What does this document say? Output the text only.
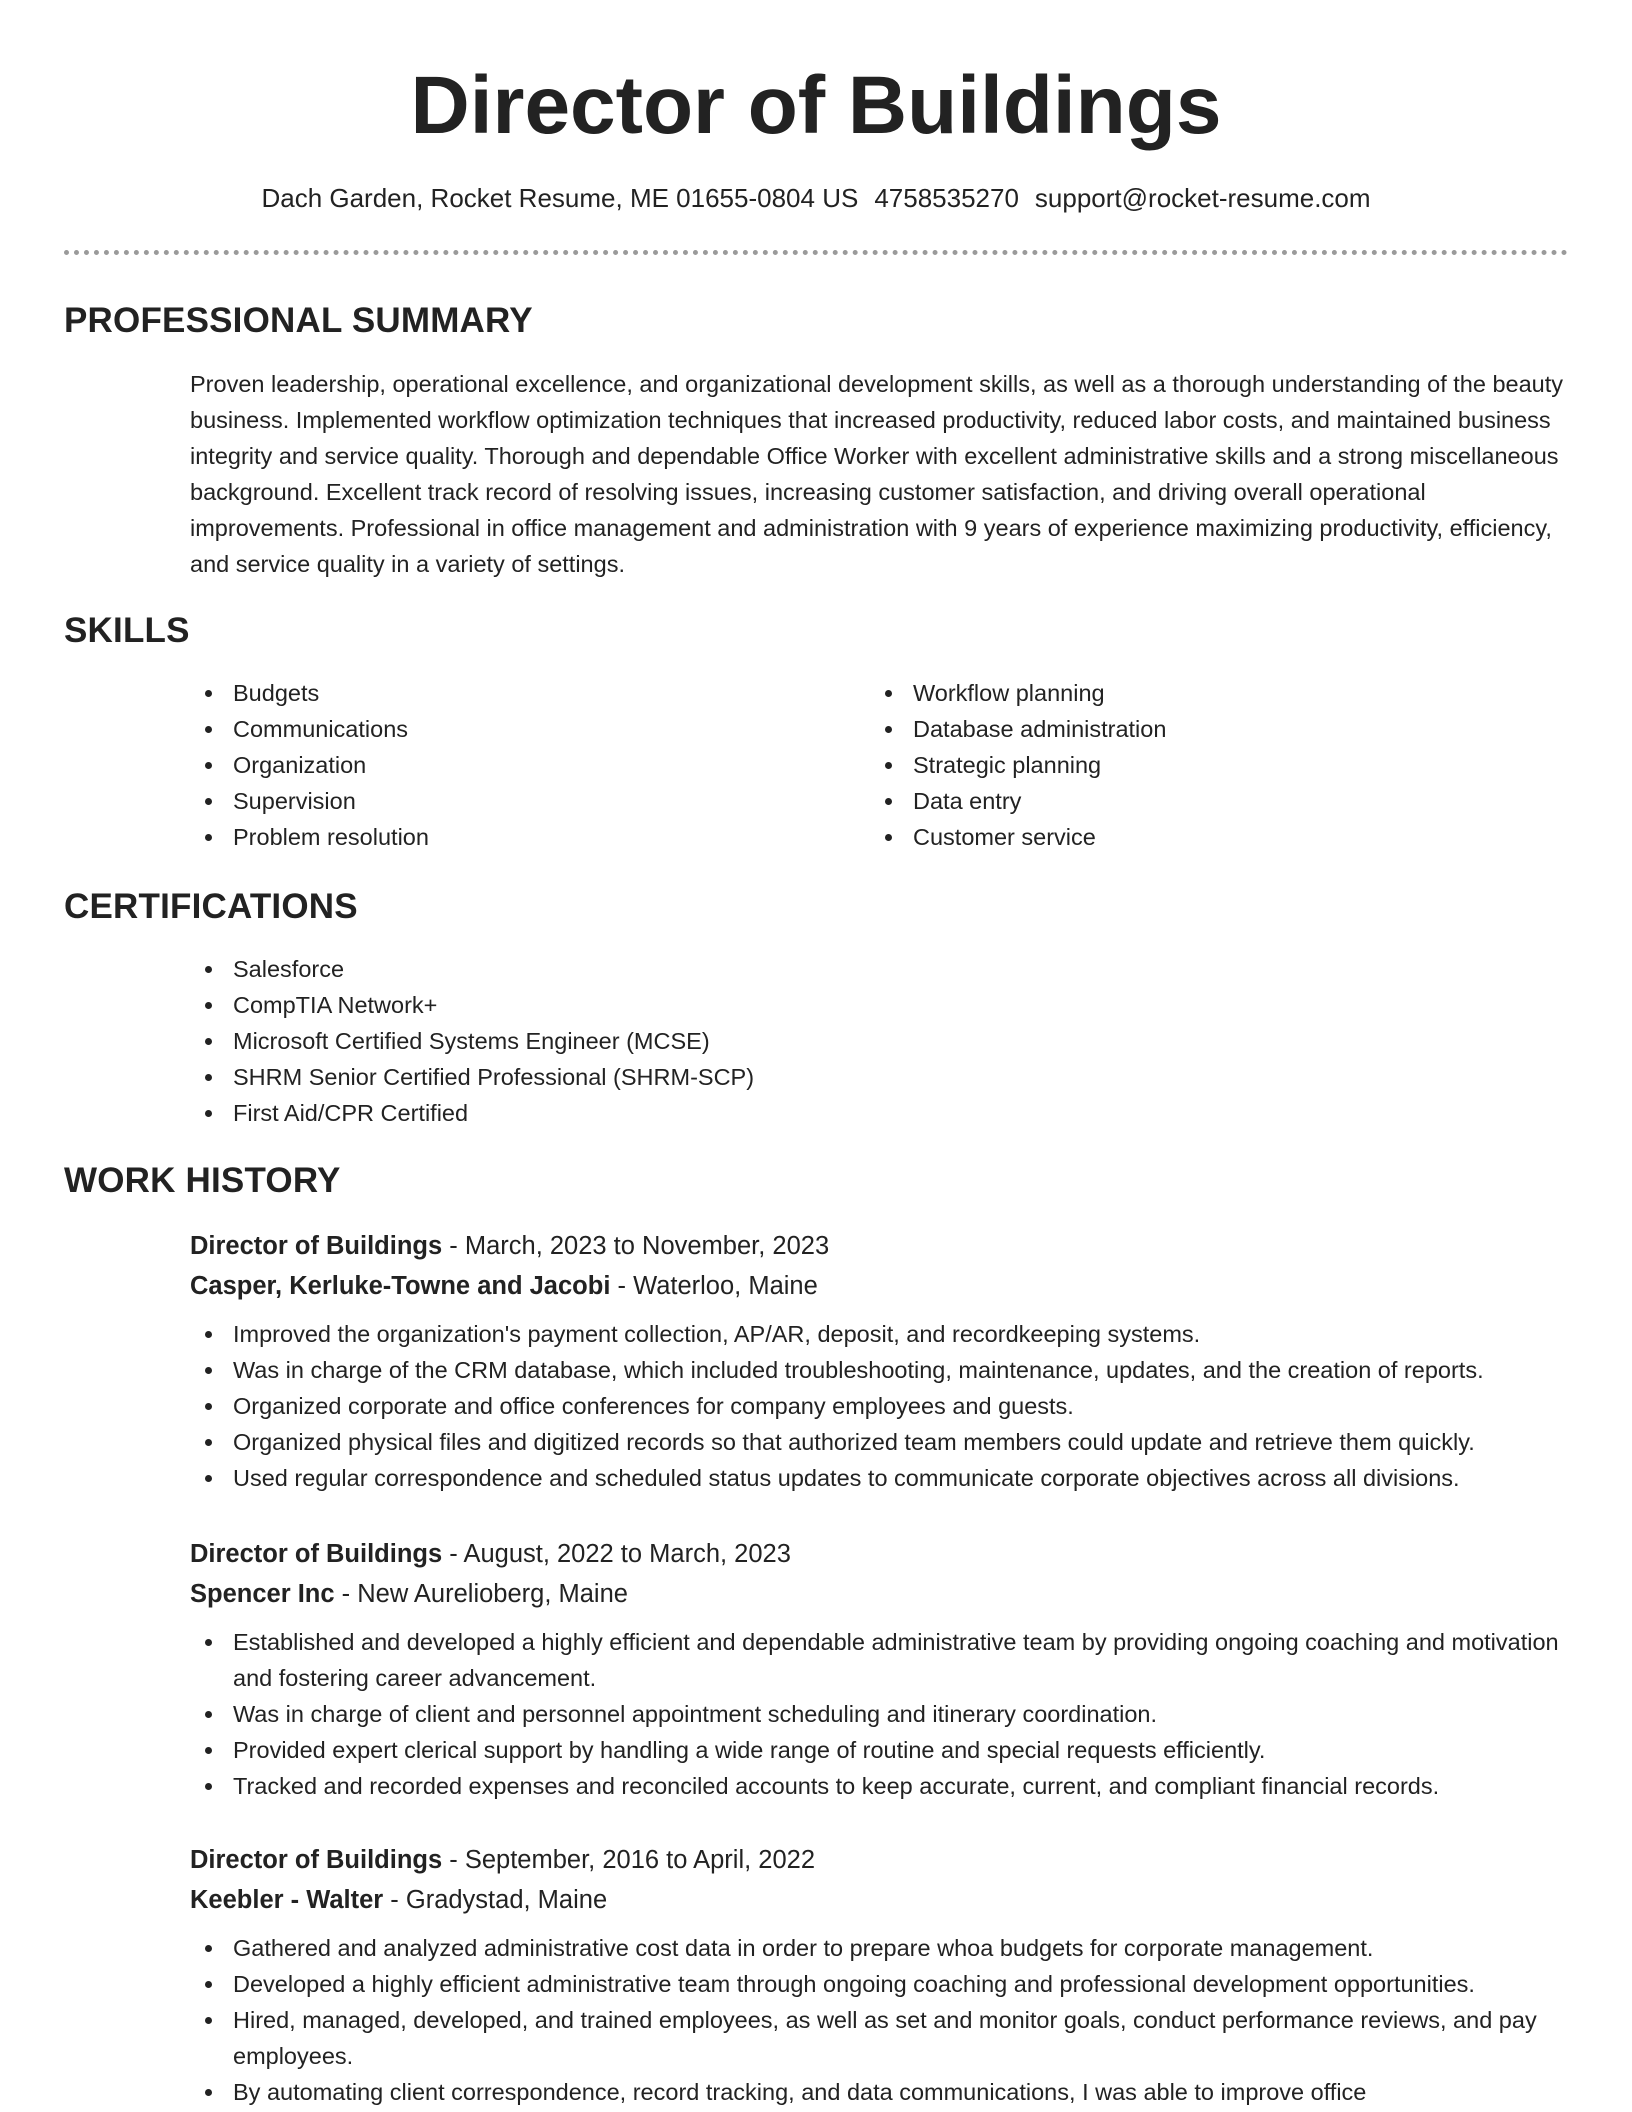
Director of Buildings
Dach Garden, Rocket Resume, ME 01655-0804 US 4758535270 support@rocket-resume.com
PROFESSIONAL SUMMARY

Proven leadership, operational excellence, and organizational development skills, as well as a thorough understanding of the beauty business. Implemented workflow optimization techniques that increased productivity, reduced labor costs, and maintained business integrity and service quality. Thorough and dependable Office Worker with excellent administrative skills and a strong miscellaneous background. Excellent track record of resolving issues, increasing customer satisfaction, and driving overall operational improvements. Professional in office management and administration with 9 years of experience maximizing productivity, efficiency, and service quality in a variety of settings.

SKILLS
Budgets
Communications
Organization
Supervision
Problem resolution
Workflow planning
Database administration
Strategic planning
Data entry
Customer service
CERTIFICATIONS
Salesforce
CompTIA Network+
Microsoft Certified Systems Engineer (MCSE)
SHRM Senior Certified Professional (SHRM-SCP)
First Aid/CPR Certified
WORK HISTORY
Director of Buildings - March, 2023 to November, 2023
Casper, Kerluke-Towne and Jacobi - Waterloo, Maine
Improved the organization's payment collection, AP/AR, deposit, and recordkeeping systems.
Was in charge of the CRM database, which included troubleshooting, maintenance, updates, and the creation of reports.
Organized corporate and office conferences for company employees and guests.
Organized physical files and digitized records so that authorized team members could update and retrieve them quickly.
Used regular correspondence and scheduled status updates to communicate corporate objectives across all divisions.
Director of Buildings - August, 2022 to March, 2023
Spencer Inc - New Aurelioberg, Maine
Established and developed a highly efficient and dependable administrative team by providing ongoing coaching and motivation and fostering career advancement.
Was in charge of client and personnel appointment scheduling and itinerary coordination.
Provided expert clerical support by handling a wide range of routine and special requests efficiently.
Tracked and recorded expenses and reconciled accounts to keep accurate, current, and compliant financial records.
Director of Buildings - September, 2016 to April, 2022
Keebler - Walter - Gradystad, Maine
Gathered and analyzed administrative cost data in order to prepare whoa budgets for corporate management.
Developed a highly efficient administrative team through ongoing coaching and professional development opportunities.
Hired, managed, developed, and trained employees, as well as set and monitor goals, conduct performance reviews, and pay employees.
By automating client correspondence, record tracking, and data communications, I was able to improve office
